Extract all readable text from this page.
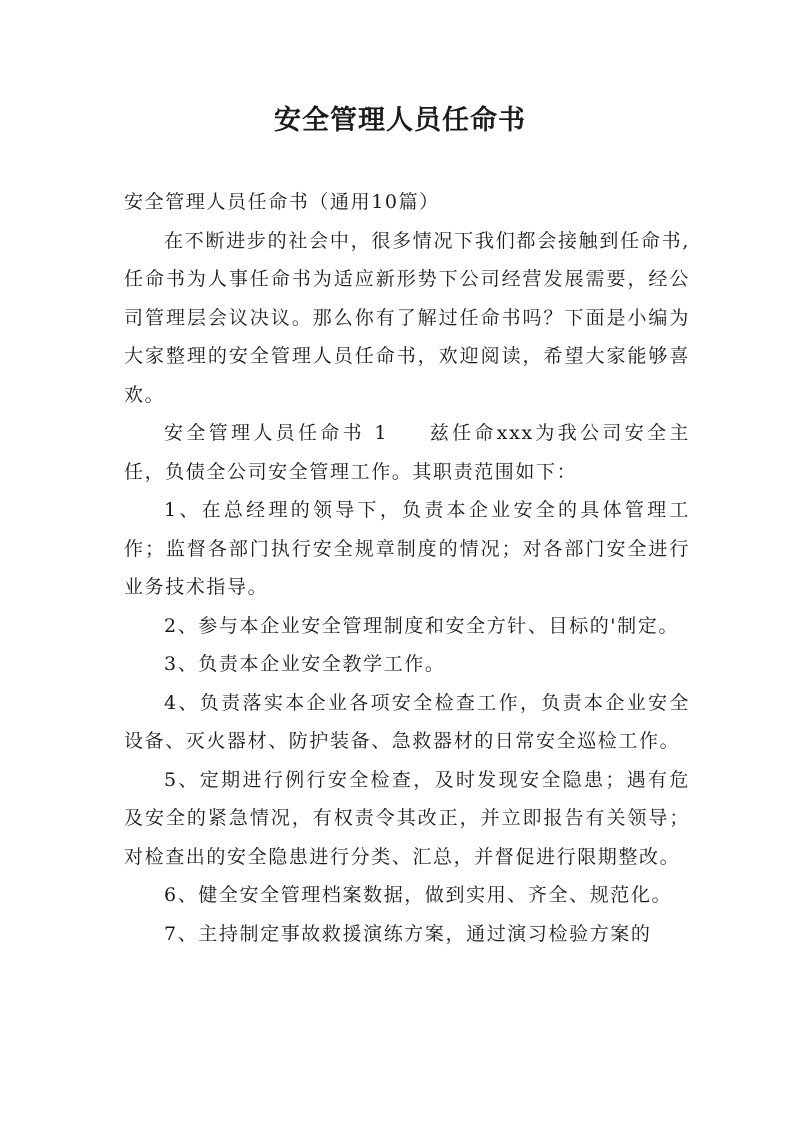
安全管理人员任命书

安全管理人员任命书（通用10篇）

在不断进步的社会中，很多情况下我们都会接触到任命书,任命书为人事任命书为适应新形势下公司经营发展需要，经公司管理层会议决议。那么你有了解过任命书吗？下面是小编为大家整理的安全管理人员任命书，欢迎阅读，希望大家能够喜欢。

安全管理人员任命书 1 兹任命xxx为我公司安全主任，负债全公司安全管理工作。其职责范围如下：

1、在总经理的领导下，负责本企业安全的具体管理工作；监督各部门执行安全规章制度的情况；对各部门安全进行业务技术指导。

2、参与本企业安全管理制度和安全方针、目标的'制定。

3、负责本企业安全教学工作。

4、负责落实本企业各项安全检查工作，负责本企业安全设备、灭火器材、防护装备、急救器材的日常安全巡检工作。

5、定期进行例行安全检查，及时发现安全隐患；遇有危及安全的紧急情况，有权责令其改正，并立即报告有关领导；对检查出的安全隐患进行分类、汇总，并督促进行限期整改。

6、健全安全管理档案数据，做到实用、齐全、规范化。

7、主持制定事故救援演练方案，通过演习检验方案的
